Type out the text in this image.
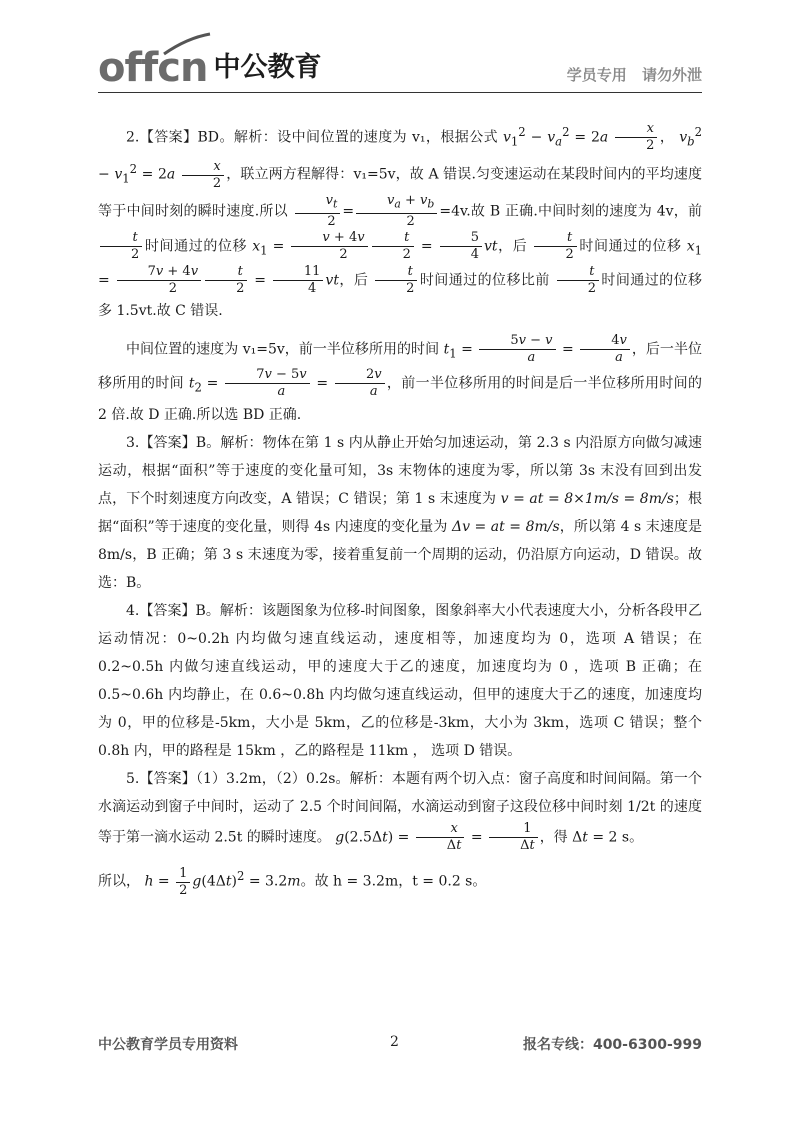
offcn 中公教育	学员专用 请勿外泄

2.【答案】BD。解析：设中间位置的速度为 v₁，根据公式 $v_1^2 - v_a^2 = 2a \frac{x}{2}$ ， $v_b^2 - v_1^2 = 2a \frac{x}{2}$ ，联立两方程解得：v₁=5v，故 A 错误.匀变速运动在某段时间内的平均速度等于中间时刻的瞬时速度.所以 $\frac{v_t}{2} = \frac{v_a + v_b}{2} =4v$.故 B 正确.中间时刻的速度为 4v，前
$\frac{t}{2}$ 时间通过的位移 $x_1 = \frac{v + 4v}{2} \frac{t}{2} = \frac{5}{4}$ vt，后 $\frac{t}{2}$ 时间通过的位移 $x_1 = \frac{7v + 4v}{2} \frac{t}{2} = \frac{11}{4}$ vt，后 $\frac{t}{2}$ 时间通过的位移比前 $\frac{t}{2}$ 时间通过的位移多 1.5vt.故 C 错误.

中间位置的速度为 v₁=5v，前一半位移所用的时间 $t_1 = \frac{5v - v}{a} = \frac{4v}{a}$ ，后一半位移所用的时间 $t_2 = \frac{7v - 5v}{a} = \frac{2v}{a}$ ，前一半位移所用的时间是后一半位移所用时间的 2 倍.故 D 正确.所以选 BD 正确.

3.【答案】B。解析：物体在第 1 s 内从静止开始匀加速运动，第 2.3 s 内沿原方向做匀减速运动，根据“面积”等于速度的变化量可知，3s 末物体的速度为零，所以第 3s 末没有回到出发点，下个时刻速度方向改变，A 错误；C 错误；第 1 s 末速度为 v = at = 8×1m/s = 8m/s；根据“面积”等于速度的变化量，则得 4s 内速度的变化量为 Δv = at = 8m/s，所以第 4 s 末速度是 8m/s，B 正确；第 3 s 末速度为零，接着重复前一个周期的运动，仍沿原方向运动，D 错误。故选：B。

4.【答案】B。解析：该题图象为位移-时间图象，图象斜率大小代表速度大小，分析各段甲乙运动情况：0~0.2h 内均做匀速直线运动，速度相等，加速度均为 0，选项 A 错误；在 0.2~0.5h 内做匀速直线运动，甲的速度大于乙的速度，加速度均为 0 ，选项 B 正确；在 0.5~0.6h 内均静止，在 0.6~0.8h 内均做匀速直线运动，但甲的速度大于乙的速度，加速度均为 0，甲的位移是-5km，大小是 5km，乙的位移是-3km，大小为 3km，选项 C 错误；整个 0.8h 内，甲的路程是 15km ，乙的路程是 11km ， 选项 D 错误。

5.【答案】（1）3.2m，（2）0.2s。解析：本题有两个切入点：窗子高度和时间间隔。第一个水滴运动到窗子中间时，运动了 2.5 个时间间隔，水滴运动到窗子这段位移中间时刻 1/2t 的速度等于第一滴水运动 2.5t 的瞬时速度。 $g(2.5\Delta t) = \frac{x}{\Delta t} = \frac{1}{\Delta t}$ ，得 Δt = 2 s。

所以， $h = \frac{1}{2} g(4\Delta t)^2 = 3.2m$。故 h = 3.2m，t = 0.2 s。

中公教育学员专用资料	2	报名专线：400-6300-999
